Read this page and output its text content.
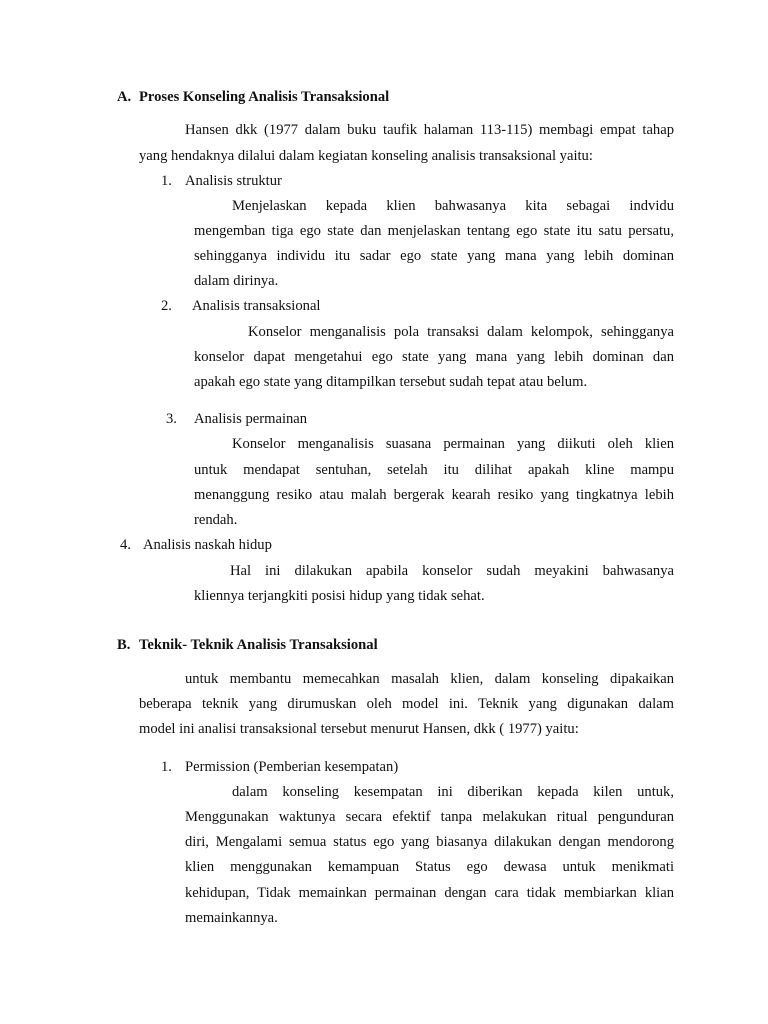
A. Proses Konseling Analisis Transaksional
Hansen dkk (1977 dalam buku taufik halaman 113-115) membagi empat tahap
yang hendaknya dilalui dalam kegiatan konseling analisis transaksional yaitu:
1. Analisis struktur
Menjelaskan kepada klien bahwasanya kita sebagai indvidu
mengemban tiga ego state dan menjelaskan tentang ego state itu satu persatu,
sehingganya individu itu sadar ego state yang mana yang lebih dominan
dalam dirinya.
2. Analisis transaksional
Konselor menganalisis pola transaksi dalam kelompok, sehingganya
konselor dapat mengetahui ego state yang mana yang lebih dominan dan
apakah ego state yang ditampilkan tersebut sudah tepat atau belum.
3. Analisis permainan
Konselor menganalisis suasana permainan yang diikuti oleh klien
untuk mendapat sentuhan, setelah itu dilihat apakah kline mampu
menanggung resiko atau malah bergerak kearah resiko yang tingkatnya lebih
rendah.
4. Analisis naskah hidup
Hal ini dilakukan apabila konselor sudah meyakini bahwasanya
kliennya terjangkiti posisi hidup yang tidak sehat.
B. Teknik- Teknik Analisis Transaksional
untuk membantu memecahkan masalah klien, dalam konseling dipakaikan
beberapa teknik yang dirumuskan oleh model ini. Teknik yang digunakan dalam
model ini analisi transaksional tersebut menurut Hansen, dkk ( 1977) yaitu:
1. Permission (Pemberian kesempatan)
dalam konseling kesempatan ini diberikan kepada kilen untuk,
Menggunakan waktunya secara efektif tanpa melakukan ritual pengunduran
diri, Mengalami semua status ego yang biasanya dilakukan dengan mendorong
klien menggunakan kemampuan Status ego dewasa untuk menikmati
kehidupan, Tidak memainkan permainan dengan cara tidak membiarkan klian
memainkannya.
